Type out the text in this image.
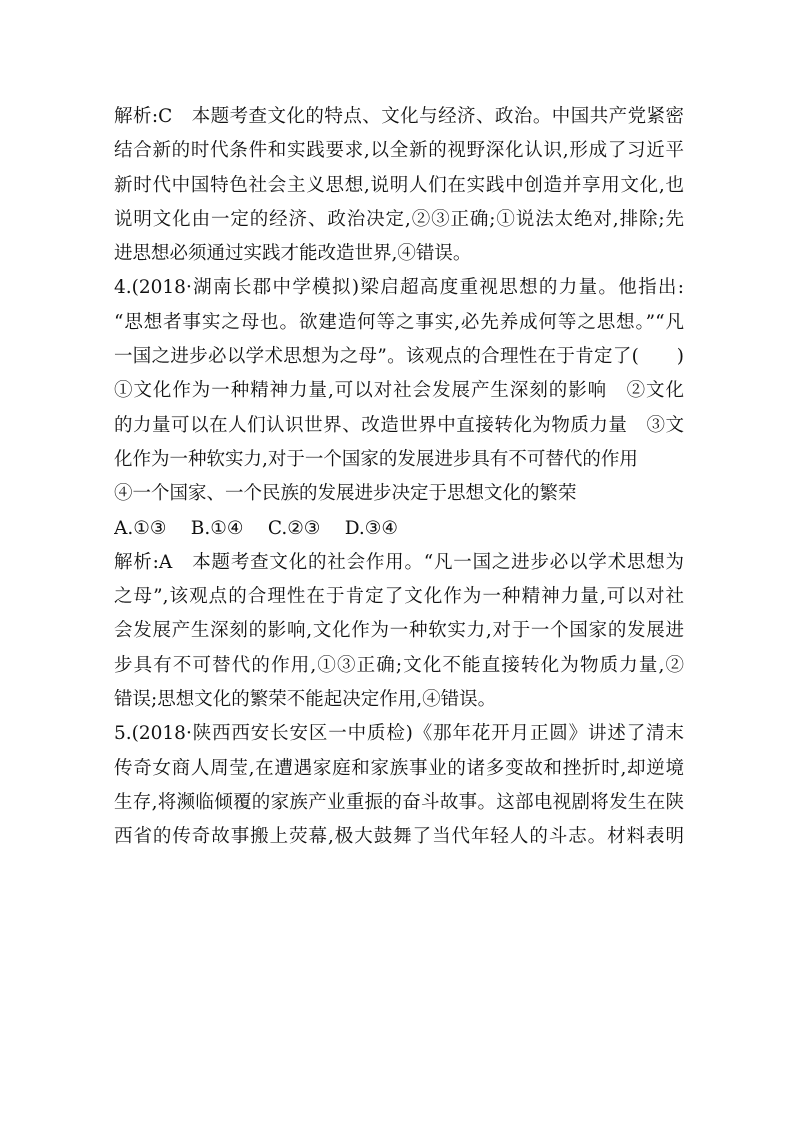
解析:C　本题考查文化的特点、文化与经济、政治。中国共产党紧密
结合新的时代条件和实践要求,以全新的视野深化认识,形成了习近平
新时代中国特色社会主义思想,说明人们在实践中创造并享用文化,也
说明文化由一定的经济、政治决定,②③正确;①说法太绝对,排除;先
进思想必须通过实践才能改造世界,④错误。
4.(2018·湖南长郡中学模拟)梁启超高度重视思想的力量。他指出:
“思想者事实之母也。欲建造何等之事实,必先养成何等之思想。”“凡
一国之进步必以学术思想为之母”。该观点的合理性在于肯定了(　　)
①文化作为一种精神力量,可以对社会发展产生深刻的影响　②文化
的力量可以在人们认识世界、改造世界中直接转化为物质力量　③文
化作为一种软实力,对于一个国家的发展进步具有不可替代的作用
④一个国家、一个民族的发展进步决定于思想文化的繁荣
A.①③　 B.①④　 C.②③　 D.③④
解析:A　本题考查文化的社会作用。“凡一国之进步必以学术思想为
之母”,该观点的合理性在于肯定了文化作为一种精神力量,可以对社
会发展产生深刻的影响,文化作为一种软实力,对于一个国家的发展进
步具有不可替代的作用,①③正确;文化不能直接转化为物质力量,②
错误;思想文化的繁荣不能起决定作用,④错误。
5.(2018·陕西西安长安区一中质检)《那年花开月正圆》讲述了清末
传奇女商人周莹,在遭遇家庭和家族事业的诸多变故和挫折时,却逆境
生存,将濒临倾覆的家族产业重振的奋斗故事。这部电视剧将发生在陕
西省的传奇故事搬上荧幕,极大鼓舞了当代年轻人的斗志。材料表明
